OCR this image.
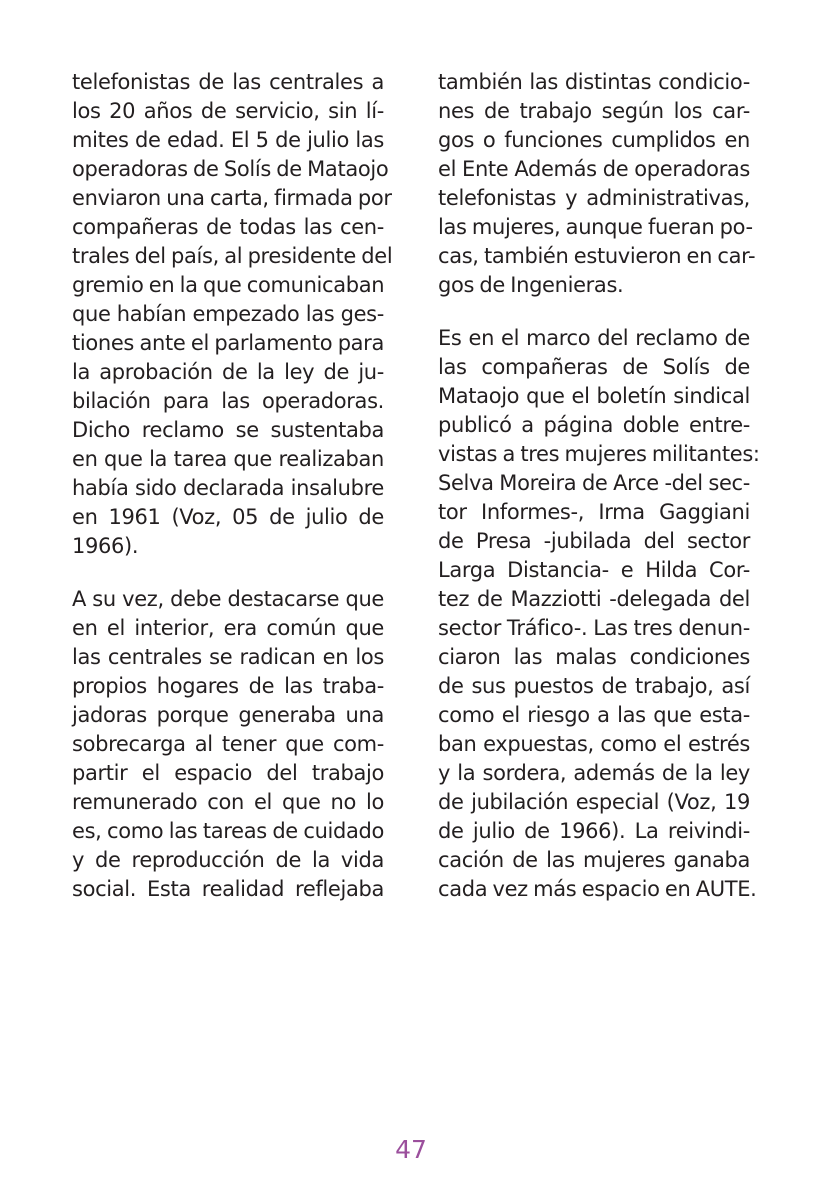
telefonistas de las centrales a
los 20 años de servicio, sin lí-
mites de edad. El 5 de julio las
operadoras de Solís de Mataojo
enviaron una carta, firmada por
compañeras de todas las cen-
trales del país, al presidente del
gremio en la que comunicaban
que habían empezado las ges-
tiones ante el parlamento para
la aprobación de la ley de ju-
bilación para las operadoras.
Dicho reclamo se sustentaba
en que la tarea que realizaban
había sido declarada insalubre
en 1961 (Voz, 05 de julio de
1966).
A su vez, debe destacarse que
en el interior, era común que
las centrales se radican en los
propios hogares de las traba-
jadoras porque generaba una
sobrecarga al tener que com-
partir el espacio del trabajo
remunerado con el que no lo
es, como las tareas de cuidado
y de reproducción de la vida
social. Esta realidad reflejaba
también las distintas condicio-
nes de trabajo según los car-
gos o funciones cumplidos en
el Ente Además de operadoras
telefonistas y administrativas,
las mujeres, aunque fueran po-
cas, también estuvieron en car-
gos de Ingenieras.
Es en el marco del reclamo de
las compañeras de Solís de
Mataojo que el boletín sindical
publicó a página doble entre-
vistas a tres mujeres militantes:
Selva Moreira de Arce -del sec-
tor Informes-, Irma Gaggiani
de Presa -jubilada del sector
Larga Distancia- e Hilda Cor-
tez de Mazziotti -delegada del
sector Tráfico-. Las tres denun-
ciaron las malas condiciones
de sus puestos de trabajo, así
como el riesgo a las que esta-
ban expuestas, como el estrés
y la sordera, además de la ley
de jubilación especial (Voz, 19
de julio de 1966). La reivindi-
cación de las mujeres ganaba
cada vez más espacio en AUTE.
47
